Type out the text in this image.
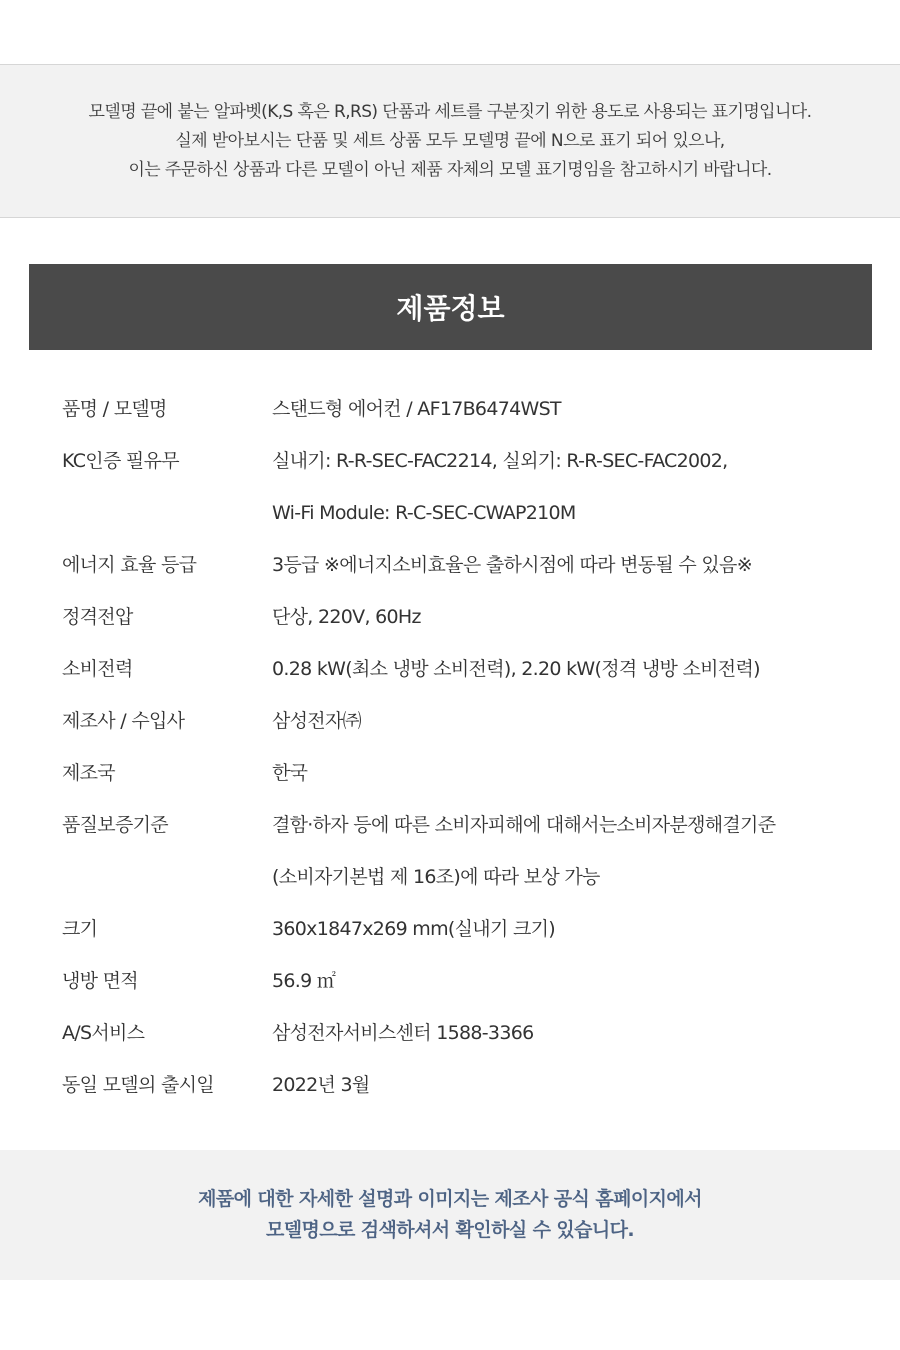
모델명 끝에 붙는 알파벳(K,S 혹은 R,RS) 단품과 세트를 구분짓기 위한 용도로 사용되는 표기명입니다.
실제 받아보시는 단품 및 세트 상품 모두 모델명 끝에 N으로 표기 되어 있으나,
이는 주문하신 상품과 다른 모델이 아닌 제품 자체의 모델 표기명임을 참고하시기 바랍니다.
제품정보
품명 / 모델명	스탠드형 에어컨 / AF17B6474WST
KC인증 필유무	실내기: R-R-SEC-FAC2214, 실외기: R-R-SEC-FAC2002,
Wi-Fi Module: R-C-SEC-CWAP210M
에너지 효율 등급	3등급 ※에너지소비효율은 출하시점에 따라 변동될 수 있음※
정격전압	단상, 220V, 60Hz
소비전력	0.28 kW(최소 냉방 소비전력), 2.20 kW(정격 냉방 소비전력)
제조사 / 수입사	삼성전자㈜
제조국	한국
품질보증기준	결함·하자 등에 따른 소비자피해에 대해서는소비자분쟁해결기준
(소비자기본법 제 16조)에 따라 보상 가능
크기	360x1847x269 mm(실내기 크기)
냉방 면적	56.9 ㎡
A/S서비스	삼성전자서비스센터 1588-3366
동일 모델의 출시일	2022년 3월
제품에 대한 자세한 설명과 이미지는 제조사 공식 홈페이지에서
모델명으로 검색하셔서 확인하실 수 있습니다.
